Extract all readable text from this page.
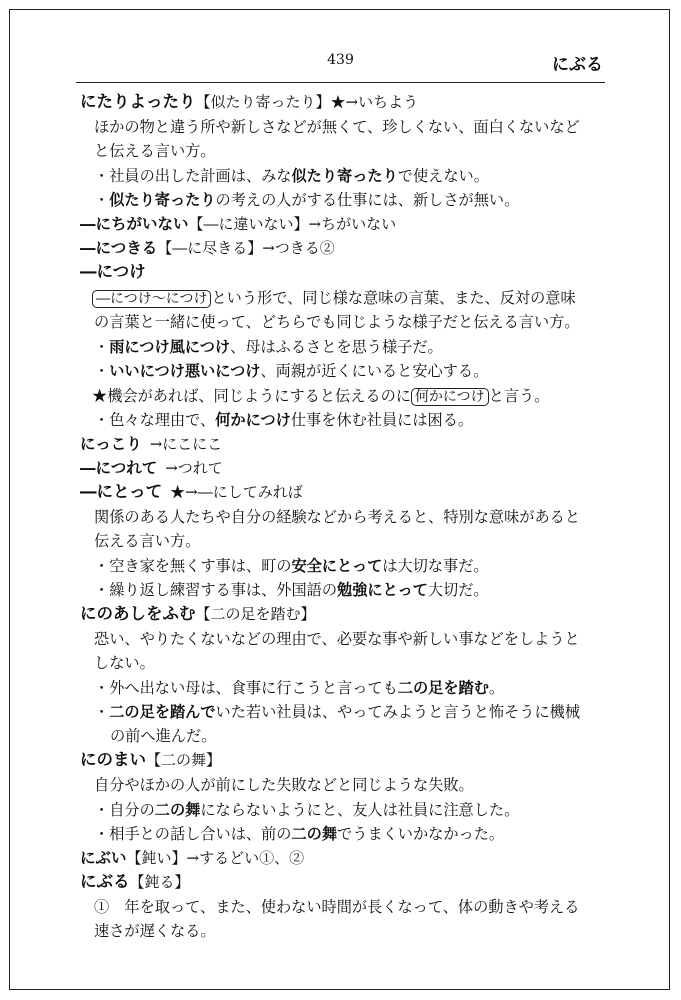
439	にぶる
にたりよったり【似たり寄ったり】★→いちよう
ほかの物と違う所や新しさなどが無くて、珍しくない、面白くないなど
と伝える言い方。
・社員の出した計画は、みな似たり寄ったりで使えない。
・似たり寄ったりの考えの人がする仕事には、新しさが無い。
―にちがいない【―に違いない】→ちがいない
―につきる【―に尽きる】→つきる②
―につけ
―につけ～につけ という形で、同じ様な意味の言葉、また、反対の意味
の言葉と一緒に使って、どちらでも同じような様子だと伝える言い方。
・雨につけ風につけ、母はふるさとを思う様子だ。
・いいにつけ悪いにつけ、両親が近くにいると安心する。
★機会があれば、同じようにすると伝えるのに 何かにつけ と言う。
・色々な理由で、何かにつけ仕事を休む社員には困る。
にっこり →にこにこ
―につれて →つれて
―にとって ★→―にしてみれば
関係のある人たちや自分の経験などから考えると、特別な意味があると
伝える言い方。
・空き家を無くす事は、町の安全にとっては大切な事だ。
・繰り返し練習する事は、外国語の勉強にとって大切だ。
にのあしをふむ【二の足を踏む】
恐い、やりたくないなどの理由で、必要な事や新しい事などをしようと
しない。
・外へ出ない母は、食事に行こうと言っても二の足を踏む。
・二の足を踏んでいた若い社員は、やってみようと言うと怖そうに機械
の前へ進んだ。
にのまい【二の舞】
自分やほかの人が前にした失敗などと同じような失敗。
・自分の二の舞にならないようにと、友人は社員に注意した。
・相手との話し合いは、前の二の舞でうまくいかなかった。
にぶい【鈍い】→するどい①、②
にぶる【鈍る】
①　年を取って、また、使わない時間が長くなって、体の動きや考える
速さが遅くなる。
